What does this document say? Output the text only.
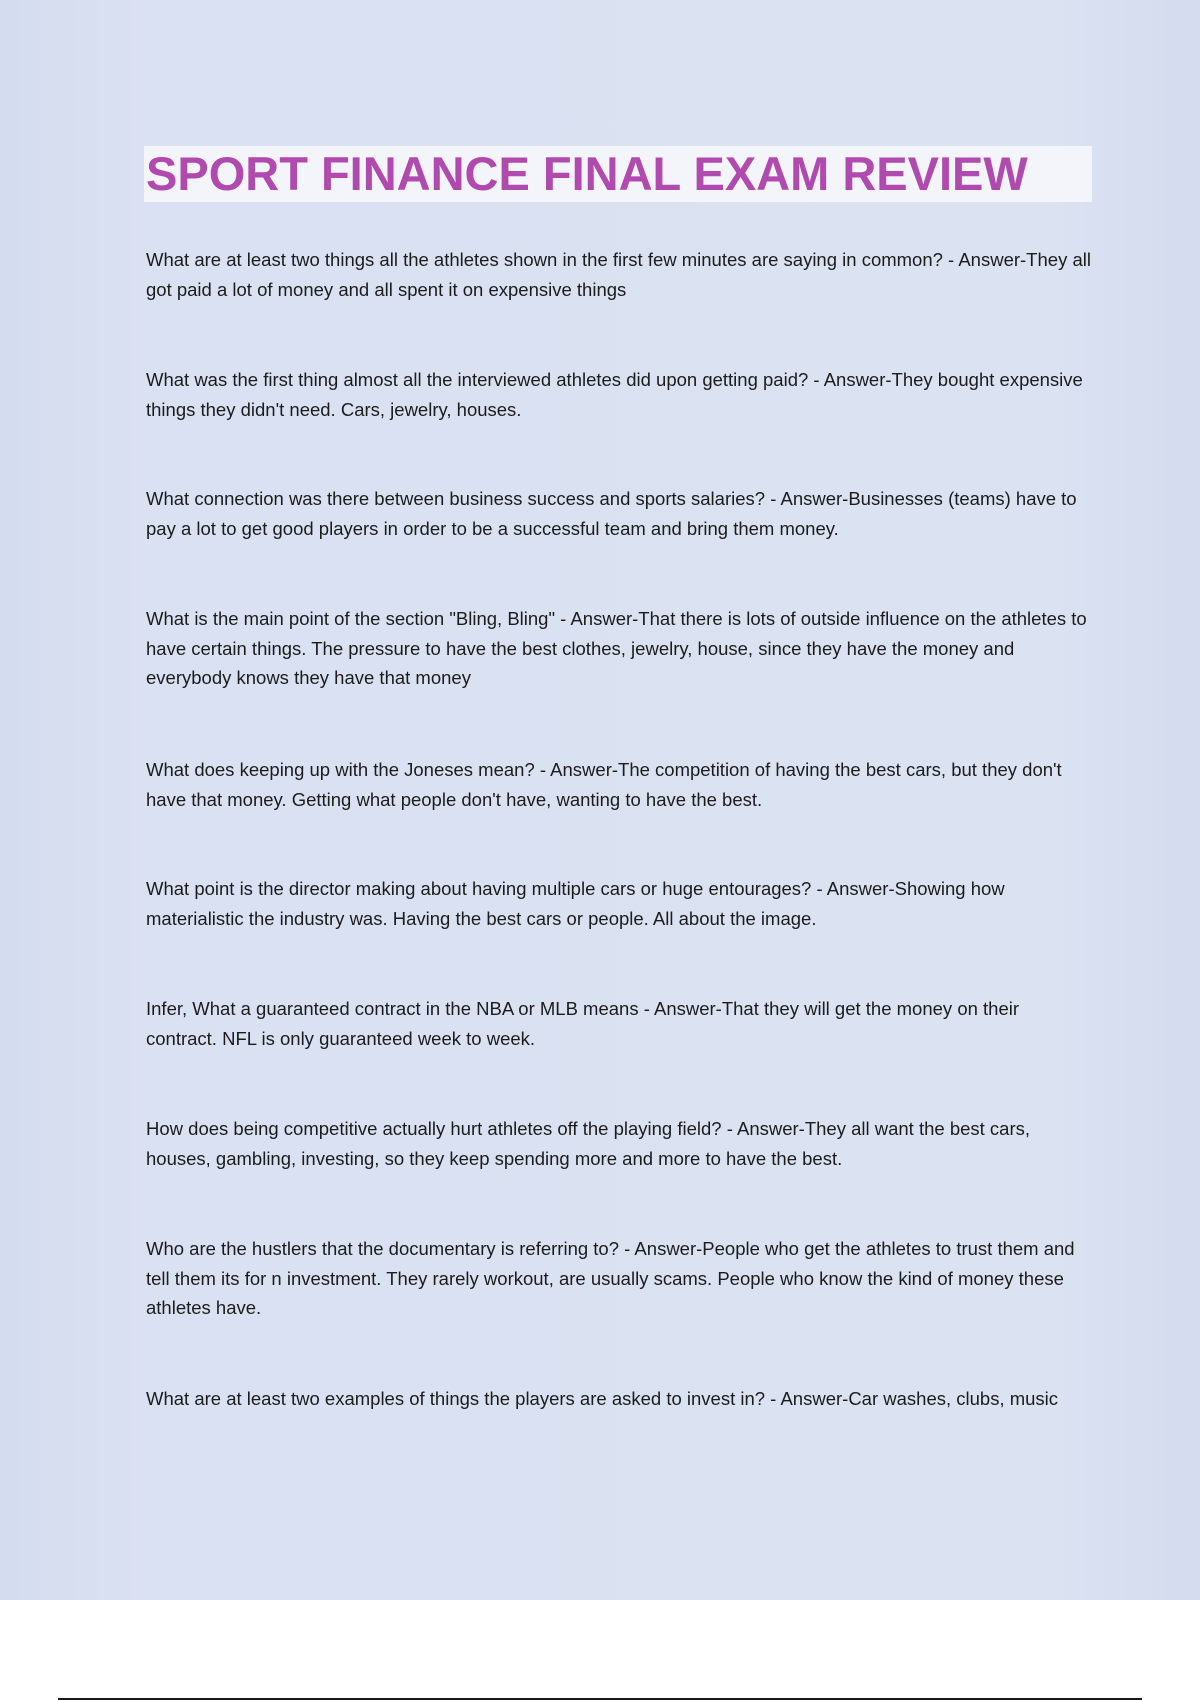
SPORT FINANCE FINAL EXAM REVIEW

What are at least two things all the athletes shown in the first few minutes are saying in common? - Answer-They all got paid a lot of money and all spent it on expensive things

What was the first thing almost all the interviewed athletes did upon getting paid? - Answer-They bought expensive things they didn't need. Cars, jewelry, houses.

What connection was there between business success and sports salaries? - Answer-Businesses (teams) have to pay a lot to get good players in order to be a successful team and bring them money.

What is the main point of the section "Bling, Bling" - Answer-That there is lots of outside influence on the athletes to have certain things. The pressure to have the best clothes, jewelry, house, since they have the money and everybody knows they have that money

What does keeping up with the Joneses mean? - Answer-The competition of having the best cars, but they don't have that money. Getting what people don't have, wanting to have the best.

What point is the director making about having multiple cars or huge entourages? - Answer-Showing how materialistic the industry was. Having the best cars or people. All about the image.

Infer, What a guaranteed contract in the NBA or MLB means - Answer-That they will get the money on their contract. NFL is only guaranteed week to week.

How does being competitive actually hurt athletes off the playing field? - Answer-They all want the best cars, houses, gambling, investing, so they keep spending more and more to have the best.

Who are the hustlers that the documentary is referring to? - Answer-People who get the athletes to trust them and tell them its for n investment. They rarely workout, are usually scams. People who know the kind of money these athletes have.

What are at least two examples of things the players are asked to invest in? - Answer-Car washes, clubs, music
